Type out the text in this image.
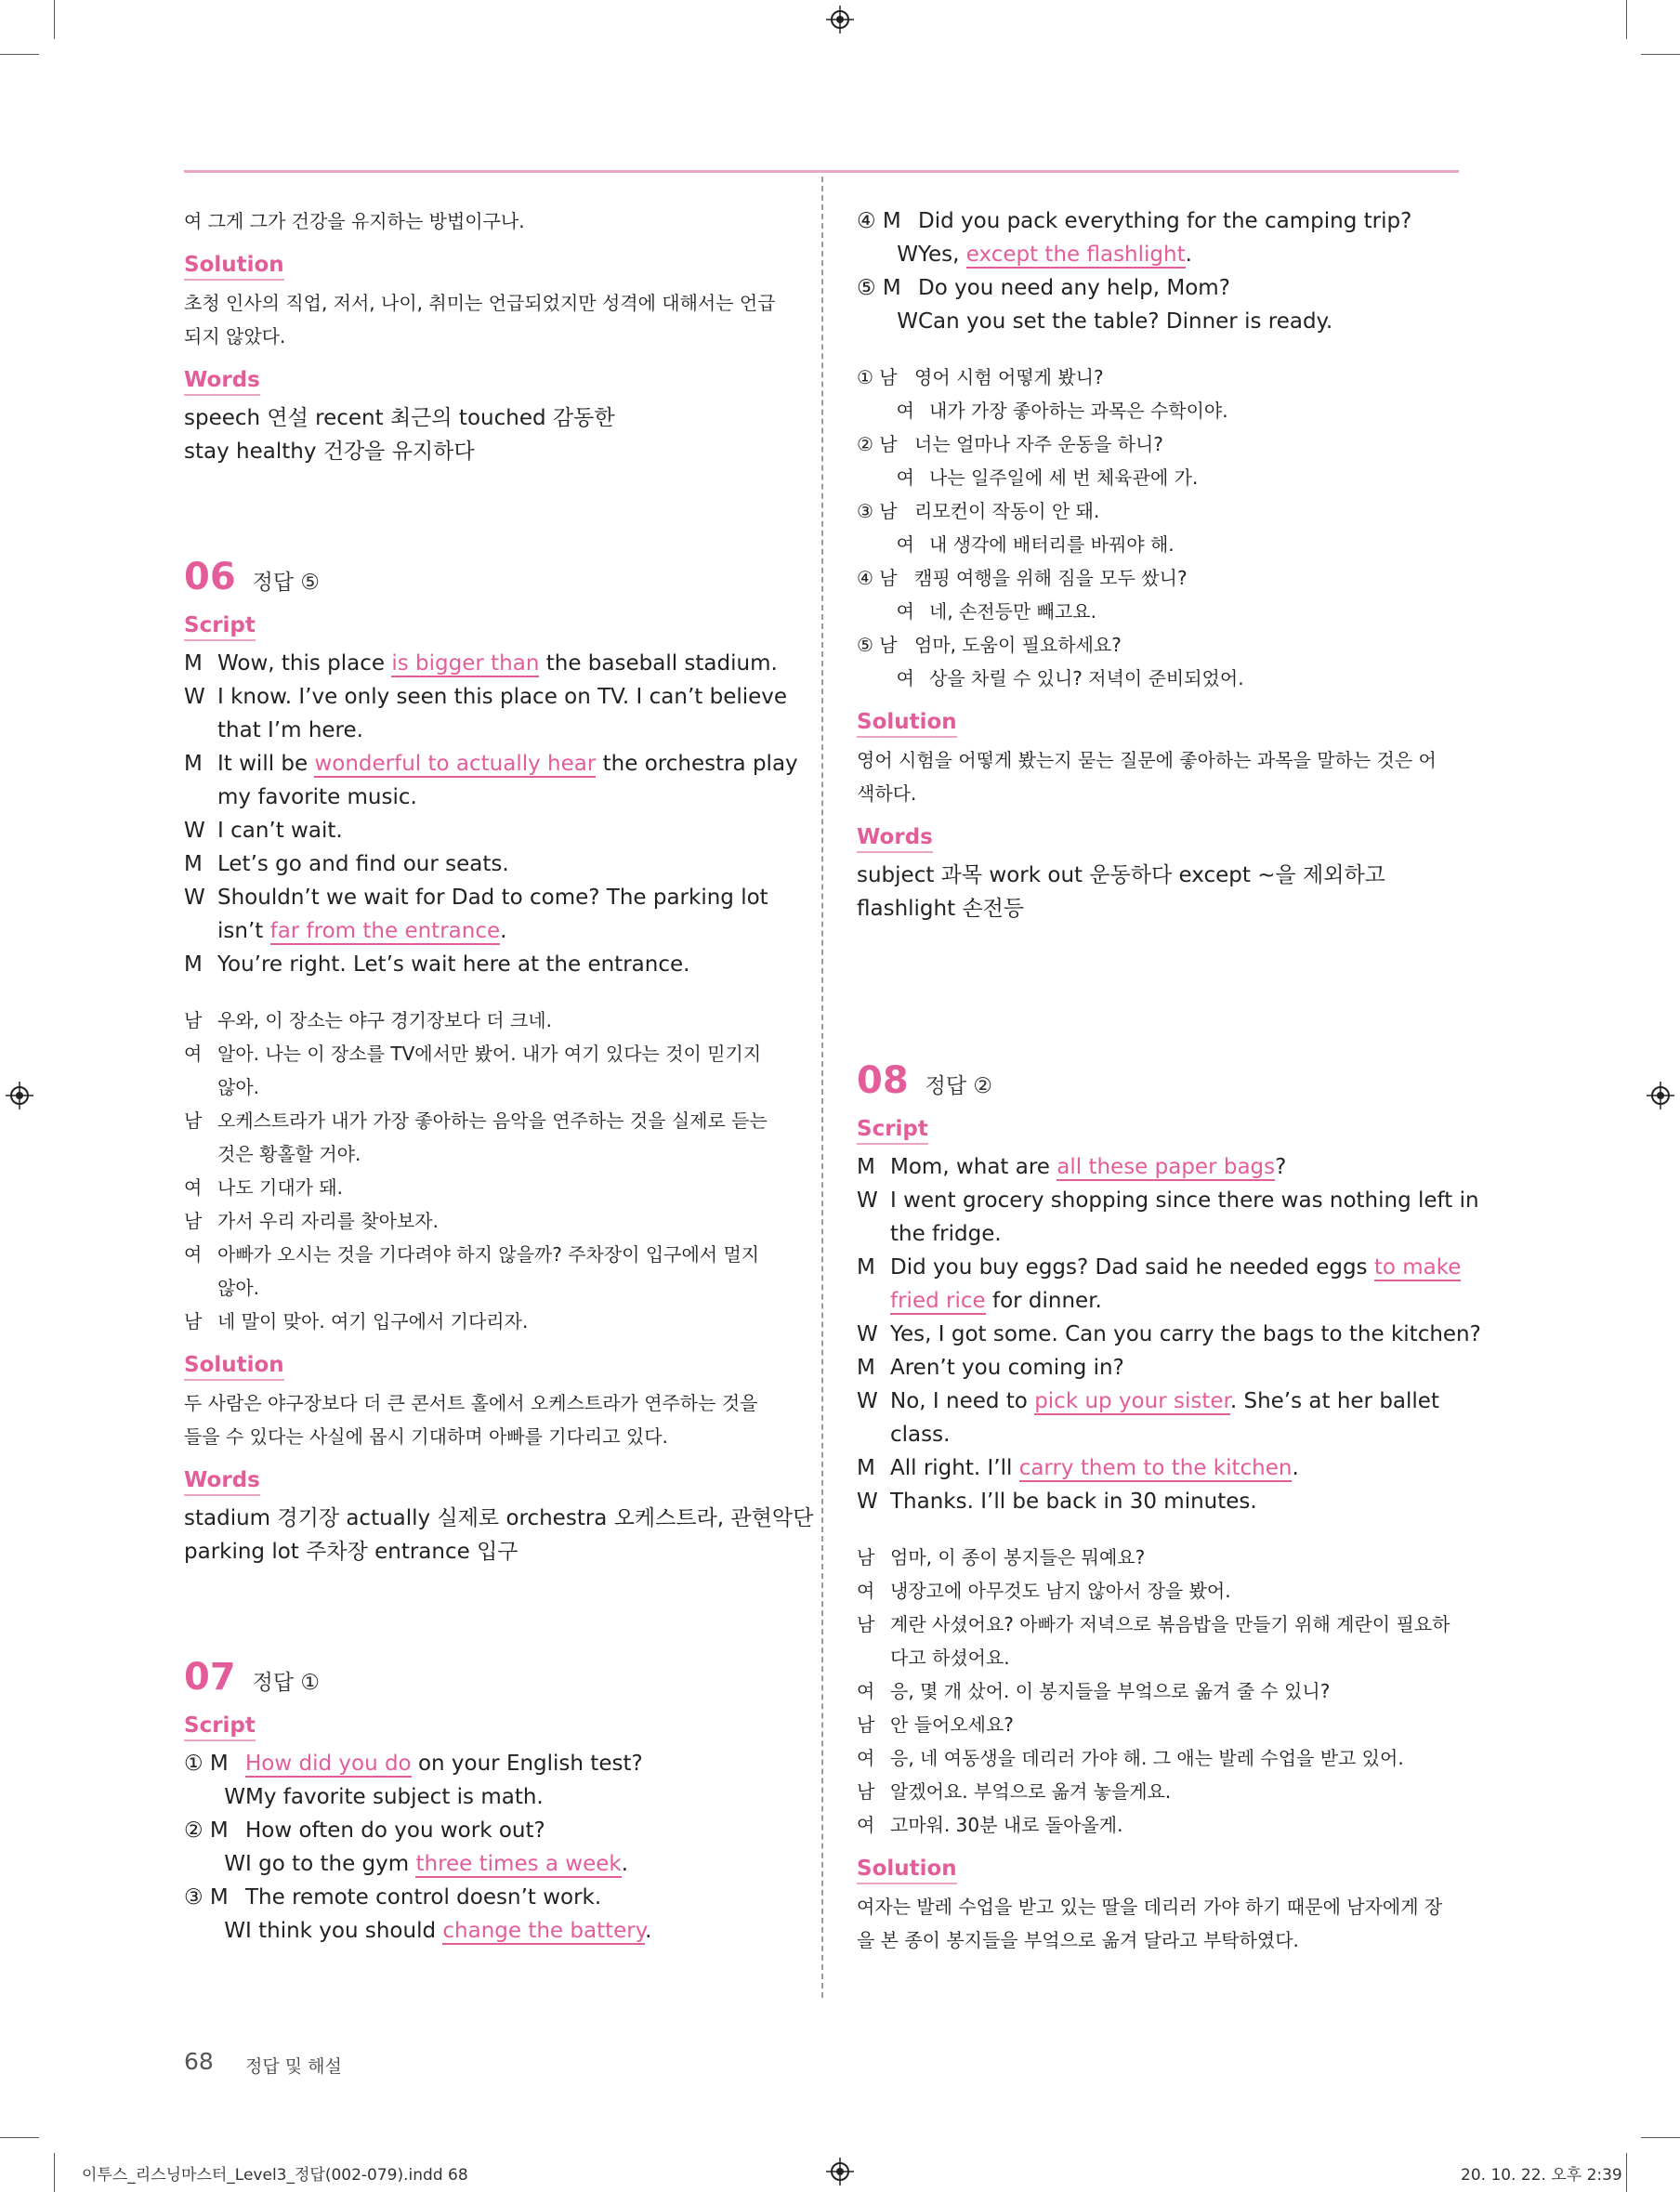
여 그게 그가 건강을 유지하는 방법이구나.
Solution
초청 인사의 직업, 저서, 나이, 취미는 언급되었지만 성격에 대해서는 언급
되지 않았다.
Words
speech 연설 recent 최근의 touched 감동한
stay healthy 건강을 유지하다
06 정답 ⑤
Script
M Wow, this place is bigger than the baseball stadium.
W I know. I’ve only seen this place on TV. I can’t believe
that I’m here.
M It will be wonderful to actually hear the orchestra play
my favorite music.
W I can’t wait.
M Let’s go and find our seats.
W Shouldn’t we wait for Dad to come? The parking lot
isn’t far from the entrance.
M You’re right. Let’s wait here at the entrance.
남 우와, 이 장소는 야구 경기장보다 더 크네.
여 알아. 나는 이 장소를 TV에서만 봤어. 내가 여기 있다는 것이 믿기지
않아.
남 오케스트라가 내가 가장 좋아하는 음악을 연주하는 것을 실제로 듣는
것은 황홀할 거야.
여 나도 기대가 돼.
남 가서 우리 자리를 찾아보자.
여 아빠가 오시는 것을 기다려야 하지 않을까? 주차장이 입구에서 멀지
않아.
남 네 말이 맞아. 여기 입구에서 기다리자.
Solution
두 사람은 야구장보다 더 큰 콘서트 홀에서 오케스트라가 연주하는 것을
들을 수 있다는 사실에 몹시 기대하며 아빠를 기다리고 있다.
Words
stadium 경기장 actually 실제로 orchestra 오케스트라, 관현악단
parking lot 주차장 entrance 입구
07 정답 ①
Script
① M How did you do on your English test?
WMy favorite subject is math.
② M How often do you work out?
WI go to the gym three times a week.
③ M The remote control doesn’t work.
WI think you should change the battery.
④ M Did you pack everything for the camping trip?
WYes, except the flashlight.
⑤ M Do you need any help, Mom?
WCan you set the table? Dinner is ready.
① 남 영어 시험 어떻게 봤니?
여 내가 가장 좋아하는 과목은 수학이야.
② 남 너는 얼마나 자주 운동을 하니?
여 나는 일주일에 세 번 체육관에 가.
③ 남 리모컨이 작동이 안 돼.
여 내 생각에 배터리를 바꿔야 해.
④ 남 캠핑 여행을 위해 짐을 모두 쌌니?
여 네, 손전등만 빼고요.
⑤ 남 엄마, 도움이 필요하세요?
여 상을 차릴 수 있니? 저녁이 준비되었어.
Solution
영어 시험을 어떻게 봤는지 묻는 질문에 좋아하는 과목을 말하는 것은 어
색하다.
Words
subject 과목 work out 운동하다 except ~을 제외하고
flashlight 손전등
08 정답 ②
Script
M Mom, what are all these paper bags?
W I went grocery shopping since there was nothing left in
the fridge.
M Did you buy eggs? Dad said he needed eggs to make
fried rice for dinner.
W Yes, I got some. Can you carry the bags to the kitchen?
M Aren’t you coming in?
W No, I need to pick up your sister. She’s at her ballet
class.
M All right. I’ll carry them to the kitchen.
W Thanks. I’ll be back in 30 minutes.
남 엄마, 이 종이 봉지들은 뭐예요?
여 냉장고에 아무것도 남지 않아서 장을 봤어.
남 계란 사셨어요? 아빠가 저녁으로 볶음밥을 만들기 위해 계란이 필요하
다고 하셨어요.
여 응, 몇 개 샀어. 이 봉지들을 부엌으로 옮겨 줄 수 있니?
남 안 들어오세요?
여 응, 네 여동생을 데리러 가야 해. 그 애는 발레 수업을 받고 있어.
남 알겠어요. 부엌으로 옮겨 놓을게요.
여 고마워. 30분 내로 돌아올게.
Solution
여자는 발레 수업을 받고 있는 딸을 데리러 가야 하기 때문에 남자에게 장
을 본 종이 봉지들을 부엌으로 옮겨 달라고 부탁하였다.
68 정답 및 해설
이투스_리스닝마스터_Level3_정답(002-079).indd 68	20. 10. 22. 오후 2:39
